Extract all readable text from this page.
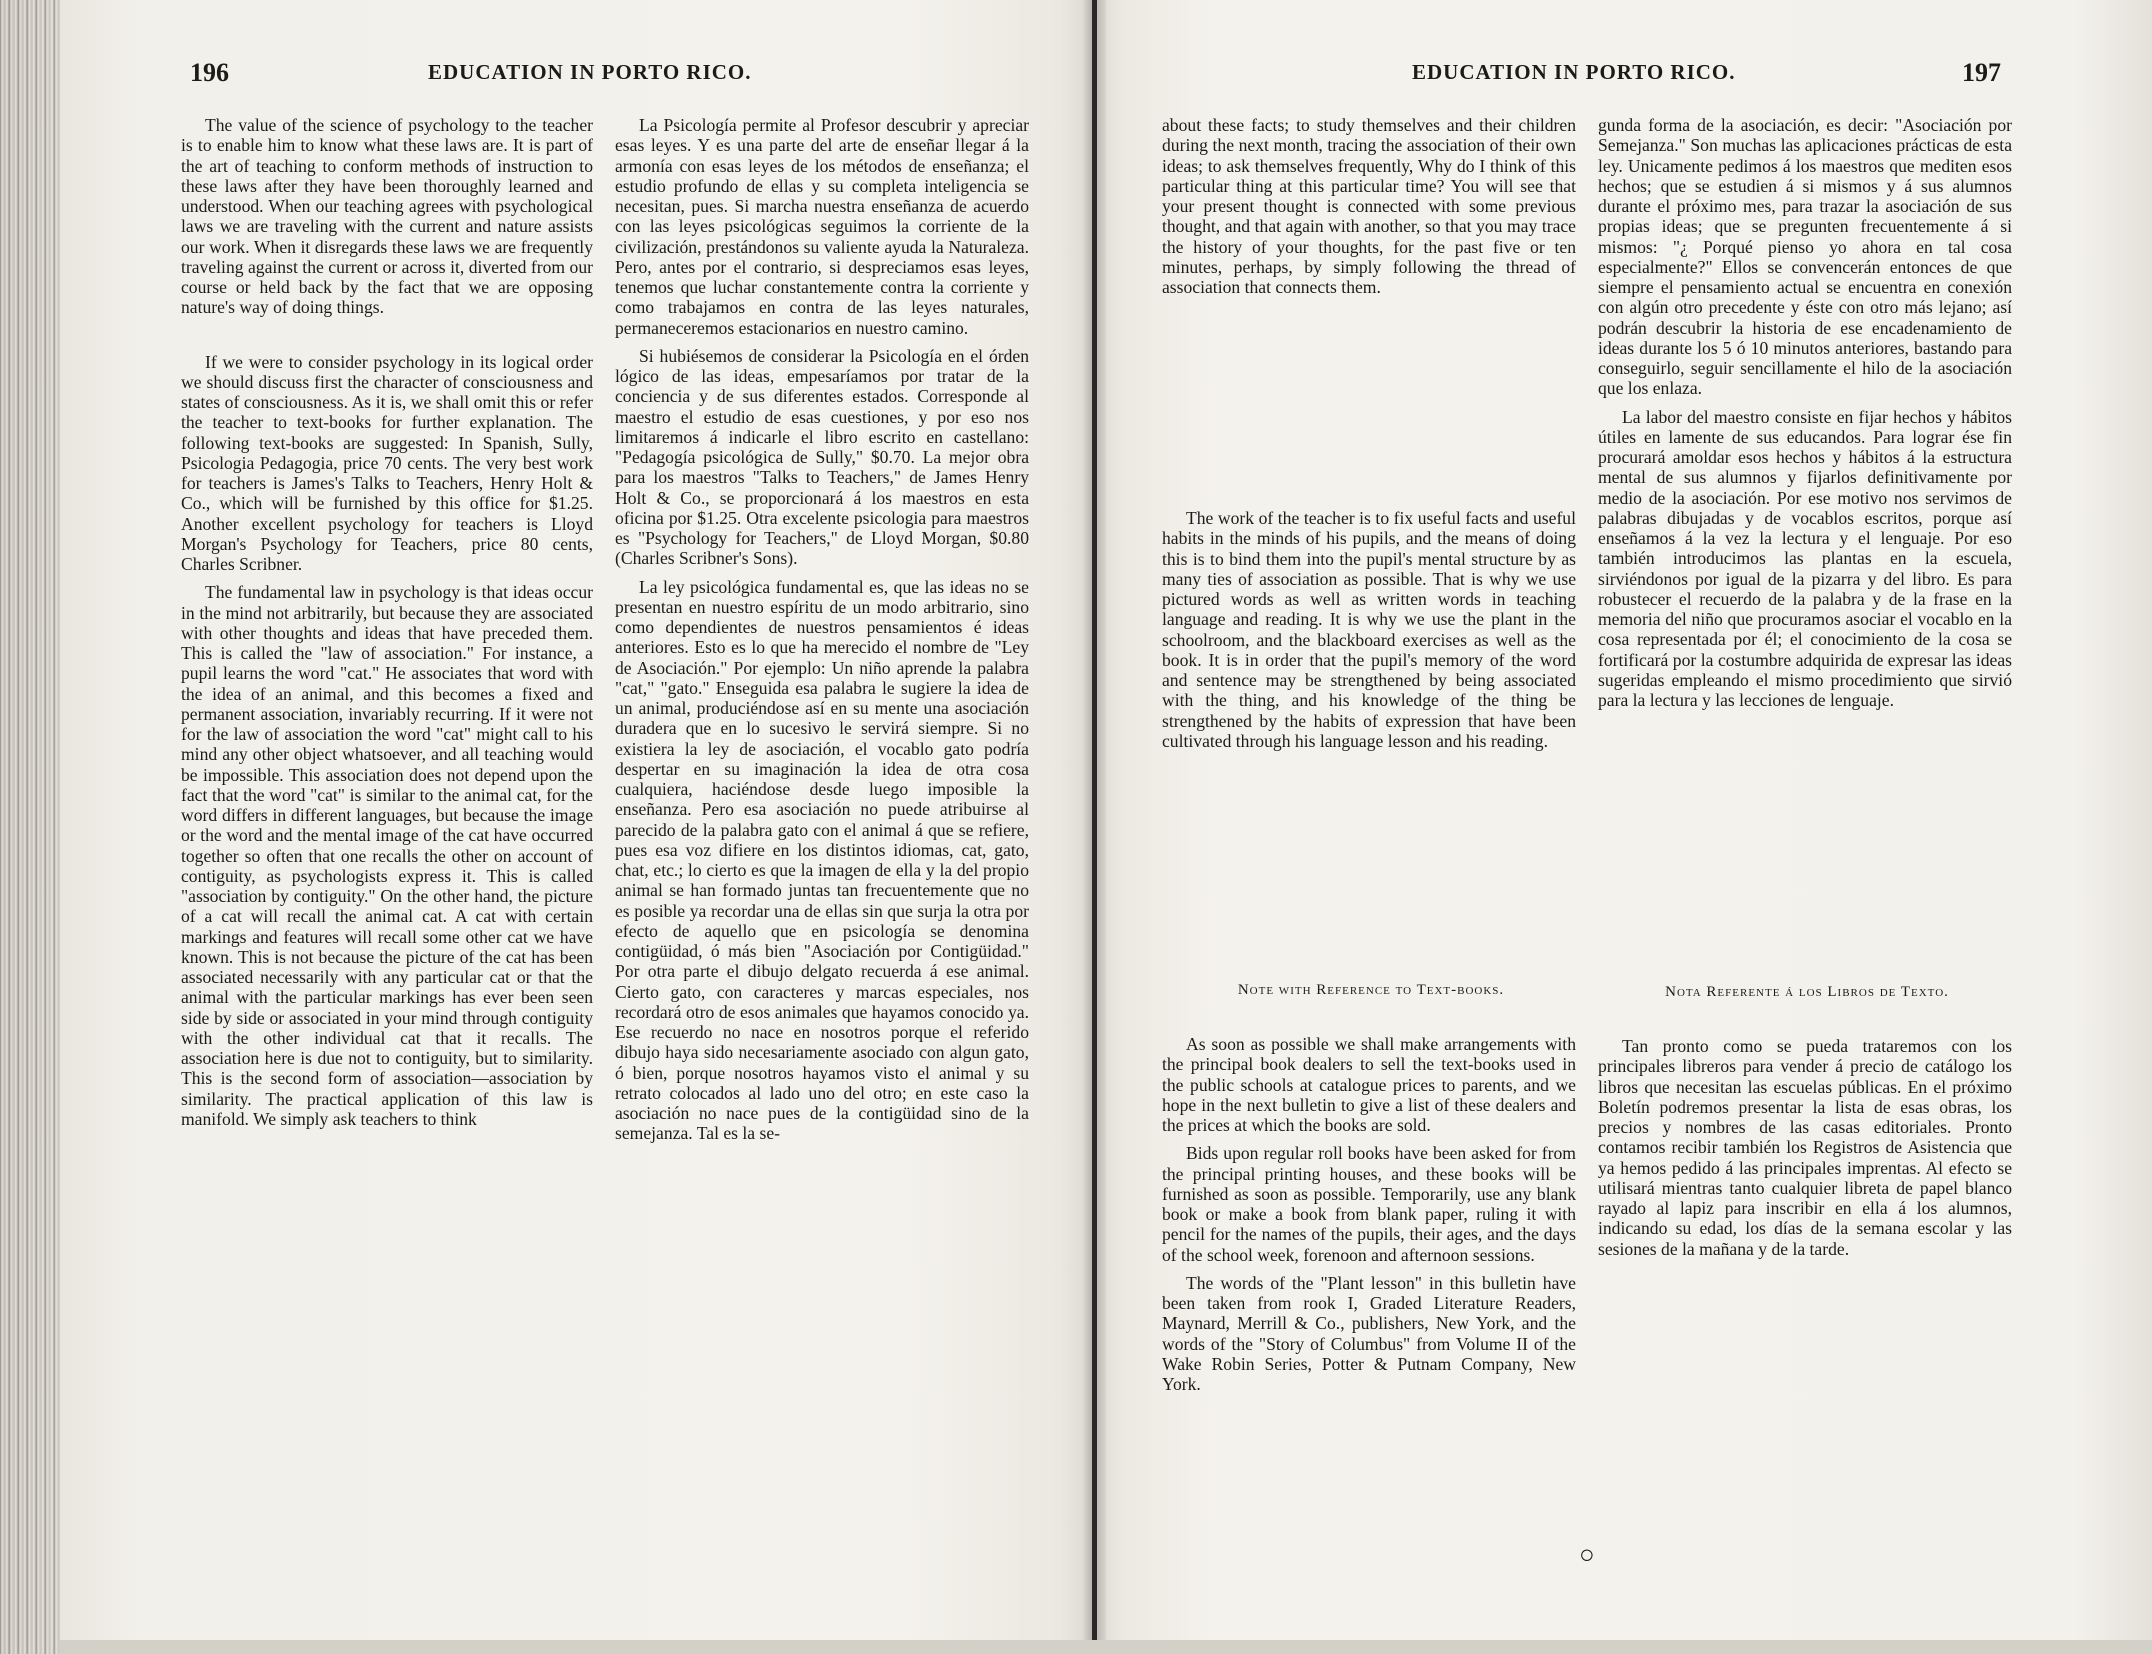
196	EDUCATION IN PORTO RICO.

The value of the science of psychology to the teacher is to enable him to know what these laws are. It is part of the art of teaching to conform methods of instruction to these laws after they have been thoroughly learned and understood. When our teaching agrees with psychological laws we are traveling with the current and nature assists our work. When it disregards these laws we are frequently traveling against the current or across it, diverted from our course or held back by the fact that we are opposing nature's way of doing things.

If we were to consider psychology in its logical order we should discuss first the character of consciousness and states of consciousness. As it is, we shall omit this or refer the teacher to text-books for further explanation. The following text-books are suggested: In Spanish, Sully, Psicologia Pedagogia, price 70 cents. The very best work for teachers is James's Talks to Teachers, Henry Holt & Co., which will be furnished by this office for $1.25. Another excellent psychology for teachers is Lloyd Morgan's Psychology for Teachers, price 80 cents, Charles Scribner.

The fundamental law in psychology is that ideas occur in the mind not arbitrarily, but because they are associated with other thoughts and ideas that have preceded them. This is called the "law of association." For instance, a pupil learns the word "cat." He associates that word with the idea of an animal, and this becomes a fixed and permanent association, invariably recurring. If it were not for the law of association the word "cat" might call to his mind any other object whatsoever, and all teaching would be impossible. This association does not depend upon the fact that the word "cat" is similar to the animal cat, for the word differs in different languages, but because the image or the word and the mental image of the cat have occurred together so often that one recalls the other on account of contiguity, as psychologists express it. This is called "association by contiguity." On the other hand, the picture of a cat will recall the animal cat. A cat with certain markings and features will recall some other cat we have known. This is not because the picture of the cat has been associated necessarily with any particular cat or that the animal with the particular markings has ever been seen side by side or associated in your mind through contiguity with the other individual cat that it recalls. The association here is due not to contiguity, but to similarity. This is the second form of association—association by similarity. The practical application of this law is manifold. We simply ask teachers to think

La Psicología permite al Profesor descubrir y apreciar esas leyes. Y es una parte del arte de enseñar llegar á la armonía con esas leyes de los métodos de enseñanza; el estudio profundo de ellas y su completa inteligencia se necesitan, pues. Si marcha nuestra enseñanza de acuerdo con las leyes psicológicas seguimos la corriente de la civilización, prestándonos su valiente ayuda la Naturaleza. Pero, antes por el contrario, si despreciamos esas leyes, tenemos que luchar constantemente contra la corriente y como trabajamos en contra de las leyes naturales, permaneceremos estacionarios en nuestro camino.

Si hubiésemos de considerar la Psicología en el órden lógico de las ideas, empesaríamos por tratar de la conciencia y de sus diferentes estados. Corresponde al maestro el estudio de esas cuestiones, y por eso nos limitaremos á indicarle el libro escrito en castellano: "Pedagogía psicológica de Sully," $0.70. La mejor obra para los maestros "Talks to Teachers," de James Henry Holt & Co., se proporcionará á los maestros en esta oficina por $1.25. Otra excelente psicologia para maestros es "Psychology for Teachers," de Lloyd Morgan, $0.80 (Charles Scribner's Sons).

La ley psicológica fundamental es, que las ideas no se presentan en nuestro espíritu de un modo arbitrario, sino como dependientes de nuestros pensamientos é ideas anteriores. Esto es lo que ha merecido el nombre de "Ley de Asociación." Por ejemplo: Un niño aprende la palabra "cat," "gato." Enseguida esa palabra le sugiere la idea de un animal, produciéndose así en su mente una asociación duradera que en lo sucesivo le servirá siempre. Si no existiera la ley de asociación, el vocablo gato podría despertar en su imaginación la idea de otra cosa cualquiera, haciéndose desde luego imposible la enseñanza. Pero esa asociación no puede atribuirse al parecido de la palabra gato con el animal á que se refiere, pues esa voz difiere en los distintos idiomas, cat, gato, chat, etc.; lo cierto es que la imagen de ella y la del propio animal se han formado juntas tan frecuentemente que no es posible ya recordar una de ellas sin que surja la otra por efecto de aquello que en psicología se denomina contigüidad, ó más bien "Asociación por Contigüidad." Por otra parte el dibujo delgato recuerda á ese animal. Cierto gato, con caracteres y marcas especiales, nos recordará otro de esos animales que hayamos conocido ya. Ese recuerdo no nace en nosotros porque el referido dibujo haya sido necesariamente asociado con algun gato, ó bien, porque nosotros hayamos visto el animal y su retrato colocados al lado uno del otro; en este caso la asociación no nace pues de la contigüidad sino de la semejanza. Tal es la se-

EDUCATION IN PORTO RICO.	197

about these facts; to study themselves and their children during the next month, tracing the association of their own ideas; to ask themselves frequently, Why do I think of this particular thing at this particular time? You will see that your present thought is connected with some previous thought, and that again with another, so that you may trace the history of your thoughts, for the past five or ten minutes, perhaps, by simply following the thread of association that connects them.

The work of the teacher is to fix useful facts and useful habits in the minds of his pupils, and the means of doing this is to bind them into the pupil's mental structure by as many ties of association as possible. That is why we use pictured words as well as written words in teaching language and reading. It is why we use the plant in the schoolroom, and the blackboard exercises as well as the book. It is in order that the pupil's memory of the word and sentence may be strengthened by being associated with the thing, and his knowledge of the thing be strengthened by the habits of expression that have been cultivated through his language lesson and his reading.

Note with Reference to Text-books.

As soon as possible we shall make arrangements with the principal book dealers to sell the text-books used in the public schools at catalogue prices to parents, and we hope in the next bulletin to give a list of these dealers and the prices at which the books are sold.

Bids upon regular roll books have been asked for from the principal printing houses, and these books will be furnished as soon as possible. Temporarily, use any blank book or make a book from blank paper, ruling it with pencil for the names of the pupils, their ages, and the days of the school week, forenoon and afternoon sessions.

The words of the "Plant lesson" in this bulletin have been taken from rook I, Graded Literature Readers, Maynard, Merrill & Co., publishers, New York, and the words of the "Story of Columbus" from Volume II of the Wake Robin Series, Potter & Putnam Company, New York.

gunda forma de la asociación, es decir: "Asociación por Semejanza." Son muchas las aplicaciones prácticas de esta ley. Unicamente pedimos á los maestros que mediten esos hechos; que se estudien á si mismos y á sus alumnos durante el próximo mes, para trazar la asociación de sus propias ideas; que se pregunten frecuentemente á si mismos: "¿ Porqué pienso yo ahora en tal cosa especialmente?" Ellos se convencerán entonces de que siempre el pensamiento actual se encuentra en conexión con algún otro precedente y éste con otro más lejano; así podrán descubrir la historia de ese encadenamiento de ideas durante los 5 ó 10 minutos anteriores, bastando para conseguirlo, seguir sencillamente el hilo de la asociación que los enlaza.

La labor del maestro consiste en fijar hechos y hábitos útiles en lamente de sus educandos. Para lograr ése fin procurará amoldar esos hechos y hábitos á la estructura mental de sus alumnos y fijarlos definitivamente por medio de la asociación. Por ese motivo nos servimos de palabras dibujadas y de vocablos escritos, porque así enseñamos á la vez la lectura y el lenguaje. Por eso también introducimos las plantas en la escuela, sirviéndonos por igual de la pizarra y del libro. Es para robustecer el recuerdo de la palabra y de la frase en la memoria del niño que procuramos asociar el vocablo en la cosa representada por él; el conocimiento de la cosa se fortificará por la costumbre adquirida de expresar las ideas sugeridas empleando el mismo procedimiento que sirvió para la lectura y las lecciones de lenguaje.

Nota Referente á los Libros de Texto.

Tan pronto como se pueda trataremos con los principales libreros para vender á precio de catálogo los libros que necesitan las escuelas públicas. En el próximo Boletín podremos presentar la lista de esas obras, los precios y nombres de las casas editoriales. Pronto contamos recibir también los Registros de Asistencia que ya hemos pedido á las principales imprentas. Al efecto se utilisará mientras tanto cualquier libreta de papel blanco rayado al lapiz para inscribir en ella á los alumnos, indicando su edad, los días de la semana escolar y las sesiones de la mañana y de la tarde.

○
